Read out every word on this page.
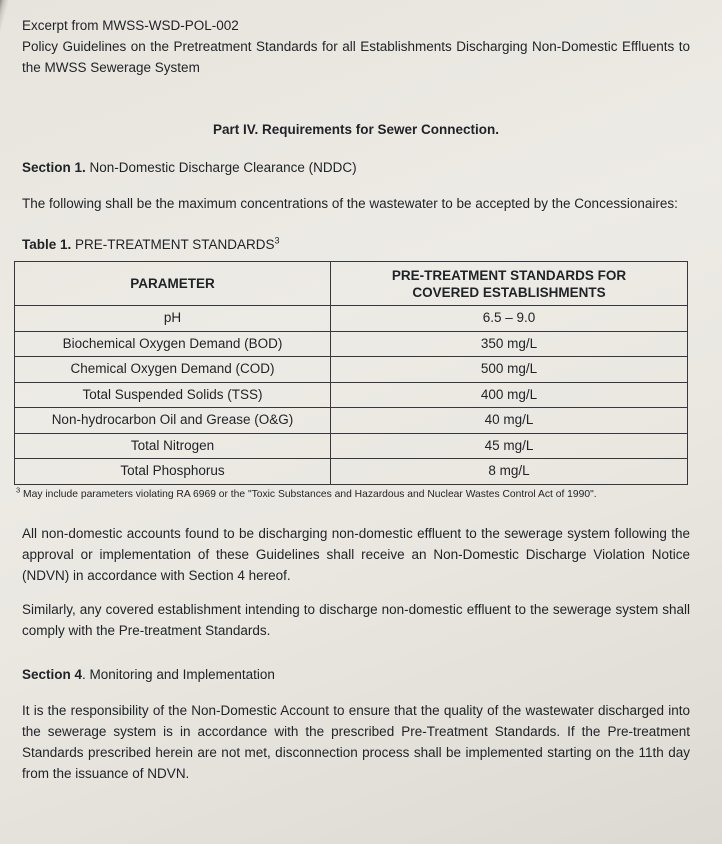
Excerpt from MWSS-WSD-POL-002
Policy Guidelines on the Pretreatment Standards for all Establishments Discharging Non-Domestic Effluents to the MWSS Sewerage System
Part IV. Requirements for Sewer Connection.
Section 1. Non-Domestic Discharge Clearance (NDDC)
The following shall be the maximum concentrations of the wastewater to be accepted by the Concessionaires:
Table 1. PRE-TREATMENT STANDARDS$^3$
PARAMETER	PRE-TREATMENT STANDARDS FOR COVERED ESTABLISHMENTS
pH	6.5 – 9.0
Biochemical Oxygen Demand (BOD)	350 mg/L
Chemical Oxygen Demand (COD)	500 mg/L
Total Suspended Solids (TSS)	400 mg/L
Non-hydrocarbon Oil and Grease (O&G)	40 mg/L
Total Nitrogen	45 mg/L
Total Phosphorus	8 mg/L
$^3$ May include parameters violating RA 6969 or the "Toxic Substances and Hazardous and Nuclear Wastes Control Act of 1990".
All non-domestic accounts found to be discharging non-domestic effluent to the sewerage system following the approval or implementation of these Guidelines shall receive an Non-Domestic Discharge Violation Notice (NDVN) in accordance with Section 4 hereof.
Similarly, any covered establishment intending to discharge non-domestic effluent to the sewerage system shall comply with the Pre-treatment Standards.
Section 4. Monitoring and Implementation
It is the responsibility of the Non-Domestic Account to ensure that the quality of the wastewater discharged into the sewerage system is in accordance with the prescribed Pre-Treatment Standards. If the Pre-treatment Standards prescribed herein are not met, disconnection process shall be implemented starting on the 11th day from the issuance of NDVN.
